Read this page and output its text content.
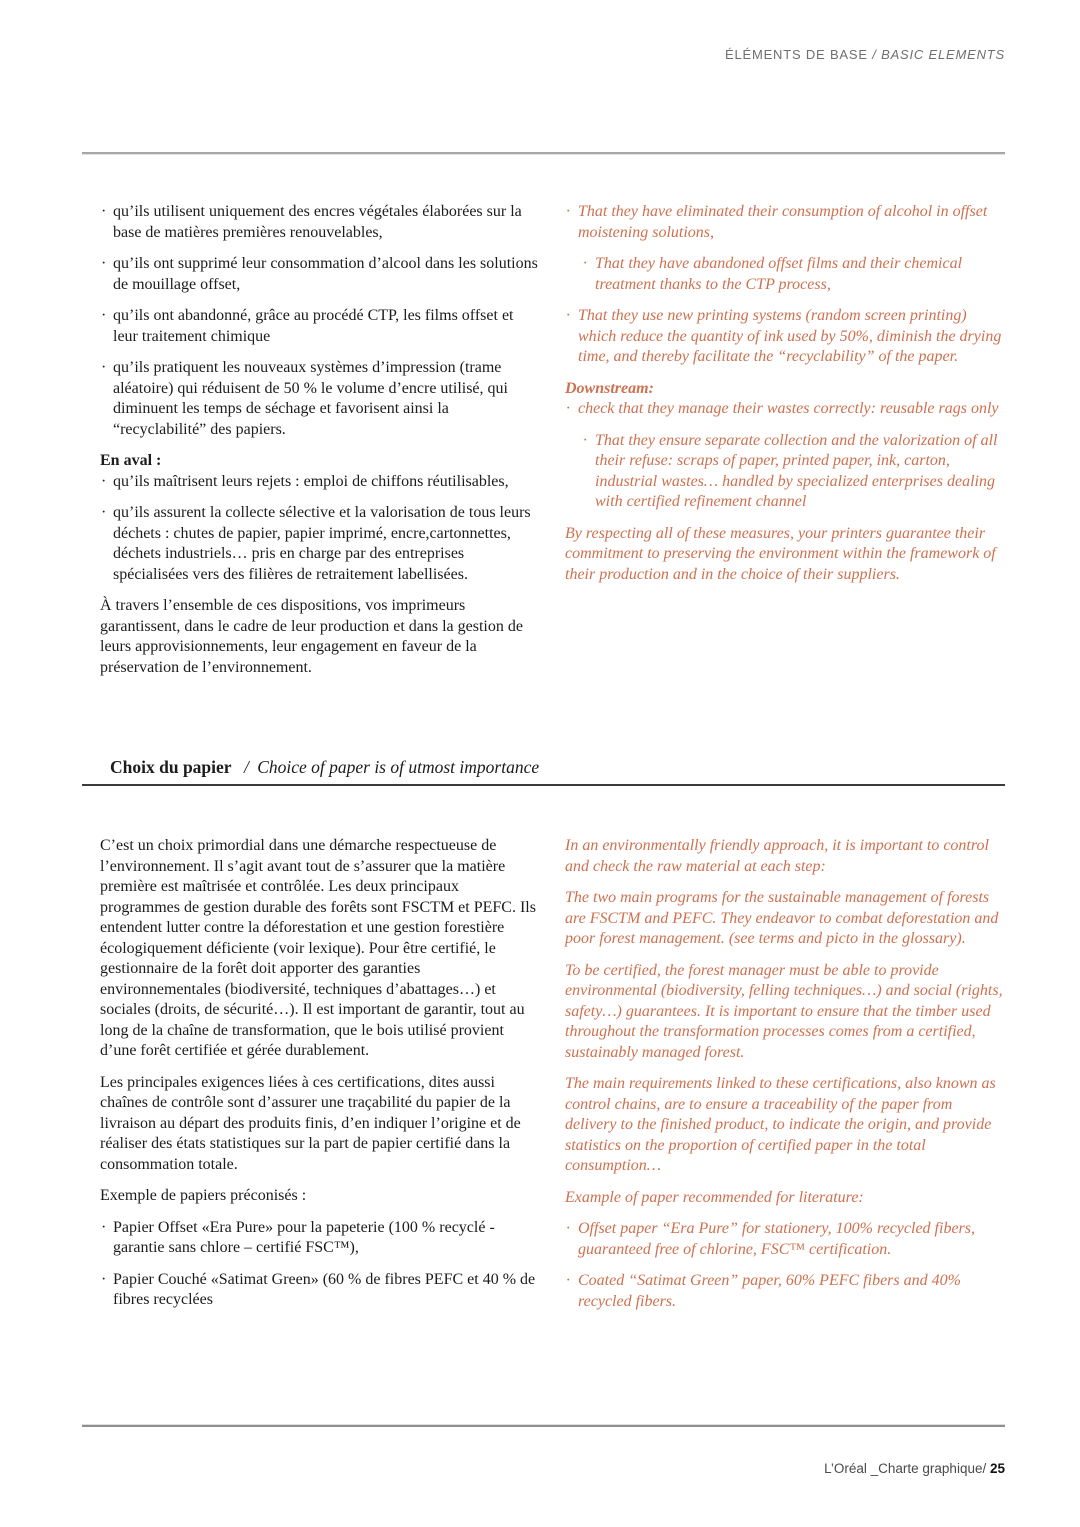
ÉLÉMENTS DE BASE / BASIC ELEMENTS
· qu’ils utilisent uniquement des encres végétales élaborées sur la base de matières premières renouvelables,
· qu’ils ont supprimé leur consommation d’alcool dans les solutions de mouillage offset,
· qu’ils ont abandonné, grâce au procédé CTP, les films offset et leur traitement chimique
· qu’ils pratiquent les nouveaux systèmes d’impression (trame aléatoire) qui réduisent de 50 % le volume d’encre utilisé, qui diminuent les temps de séchage et favorisent ainsi la “recyclabilité” des papiers.

En aval :

· qu’ils maîtrisent leurs rejets : emploi de chiffons réutilisables,
· qu’ils assurent la collecte sélective et la valorisation de tous leurs déchets : chutes de papier, papier imprimé, encre,cartonnettes, déchets industriels… pris en charge par des entreprises spécialisées vers des filières de retraitement labellisées.

À travers l’ensemble de ces dispositions, vos imprimeurs garantissent, dans le cadre de leur production et dans la gestion de leurs approvisionnements, leur engagement en faveur de la préservation de l’environnement.

· That they have eliminated their consumption of alcohol in offset moistening solutions,
· That they have abandoned offset films and their chemical treatment thanks to the CTP process,
· That they use new printing systems (random screen printing) which reduce the quantity of ink used by 50%, diminish the drying time, and thereby facilitate the “recyclability” of the paper.

Downstream:

· check that they manage their wastes correctly: reusable rags only
· That they ensure separate collection and the valorization of all their refuse: scraps of paper, printed paper, ink, carton, industrial wastes… handled by specialized enterprises dealing with certified refinement channel

By respecting all of these measures, your printers guarantee their commitment to preserving the environment within the framework of their production and in the choice of their suppliers.

Choix du papier / Choice of paper is of utmost importance

C’est un choix primordial dans une démarche respectueuse de l’environnement. Il s’agit avant tout de s’assurer que la matière première est maîtrisée et contrôlée. Les deux principaux programmes de gestion durable des forêts sont FSCTM et PEFC. Ils entendent lutter contre la déforestation et une gestion forestière écologiquement déficiente (voir lexique). Pour être certifié, le gestionnaire de la forêt doit apporter des garanties environnementales (biodiversité, techniques d’abattages…) et sociales (droits, de sécurité…). Il est important de garantir, tout au long de la chaîne de transformation, que le bois utilisé provient d’une forêt certifiée et gérée durablement.

Les principales exigences liées à ces certifications, dites aussi chaînes de contrôle sont d’assurer une traçabilité du papier de la livraison au départ des produits finis, d’en indiquer l’origine et de réaliser des états statistiques sur la part de papier certifié dans la consommation totale.

Exemple de papiers préconisés :

· Papier Offset «Era Pure» pour la papeterie (100 % recyclé - garantie sans chlore – certifié FSC™),
· Papier Couché «Satimat Green» (60 % de fibres PEFC et 40 % de fibres recyclées

In an environmentally friendly approach, it is important to control and check the raw material at each step:

The two main programs for the sustainable management of forests are FSCTM and PEFC. They endeavor to combat deforestation and poor forest management. (see terms and picto in the glossary).

To be certified, the forest manager must be able to provide environmental (biodiversity, felling techniques…) and social (rights, safety…) guarantees. It is important to ensure that the timber used throughout the transformation processes comes from a certified, sustainably managed forest.

The main requirements linked to these certifications, also known as control chains, are to ensure a traceability of the paper from delivery to the finished product, to indicate the origin, and provide statistics on the proportion of certified paper in the total consumption…

Example of paper recommended for literature:

· Offset paper “Era Pure” for stationery, 100% recycled fibers, guaranteed free of chlorine, FSC™ certification.
· Coated “Satimat Green” paper, 60% PEFC fibers and 40% recycled fibers.
L’Oréal _Charte graphique/ 25
